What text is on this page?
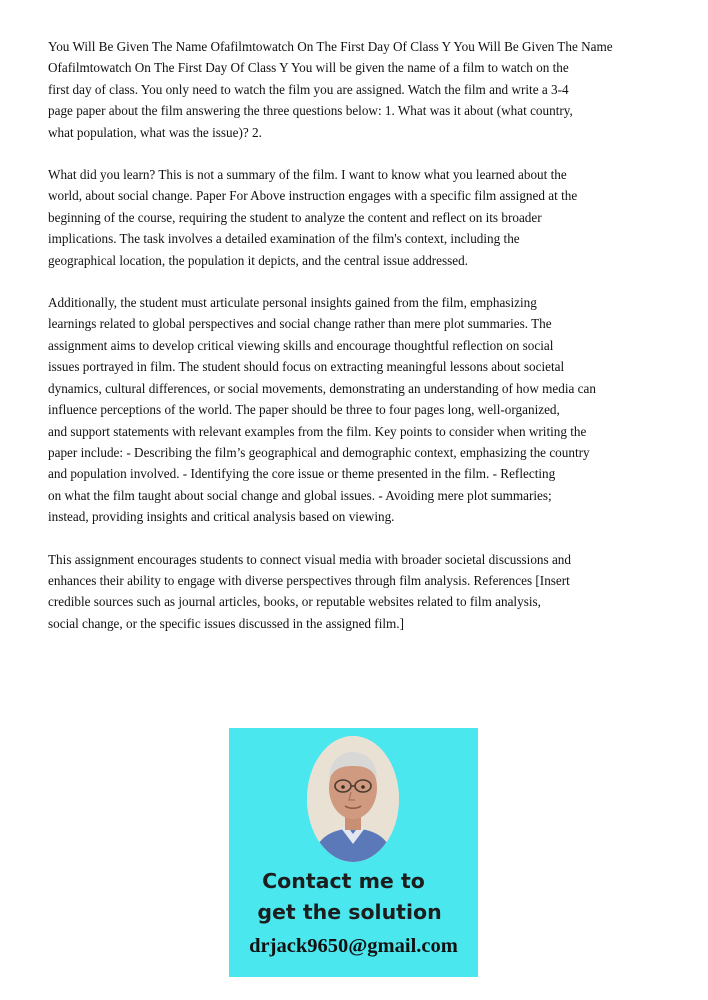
You Will Be Given The Name Ofafilmtowatch On The First Day Of Class Y You Will Be Given The Name
Ofafilmtowatch On The First Day Of Class Y You will be given the name of a film to watch on the
first day of class. You only need to watch the film you are assigned. Watch the film and write a 3-4
page paper about the film answering the three questions below: 1. What was it about (what country,
what population, what was the issue)? 2.

What did you learn? This is not a summary of the film. I want to know what you learned about the
world, about social change. Paper For Above instruction engages with a specific film assigned at the
beginning of the course, requiring the student to analyze the content and reflect on its broader
implications. The task involves a detailed examination of the film's context, including the
geographical location, the population it depicts, and the central issue addressed.

Additionally, the student must articulate personal insights gained from the film, emphasizing
learnings related to global perspectives and social change rather than mere plot summaries. The
assignment aims to develop critical viewing skills and encourage thoughtful reflection on social
issues portrayed in film. The student should focus on extracting meaningful lessons about societal
dynamics, cultural differences, or social movements, demonstrating an understanding of how media can
influence perceptions of the world. The paper should be three to four pages long, well-organized,
and support statements with relevant examples from the film. Key points to consider when writing the
paper include: - Describing the film’s geographical and demographic context, emphasizing the country
and population involved. - Identifying the core issue or theme presented in the film. - Reflecting
on what the film taught about social change and global issues. - Avoiding mere plot summaries;
instead, providing insights and critical analysis based on viewing.

This assignment encourages students to connect visual media with broader societal discussions and
enhances their ability to engage with diverse perspectives through film analysis. References [Insert
credible sources such as journal articles, books, or reputable websites related to film analysis,
social change, or the specific issues discussed in the assigned film.]

Contact me to
get the solution
drjack9650@gmail.com
